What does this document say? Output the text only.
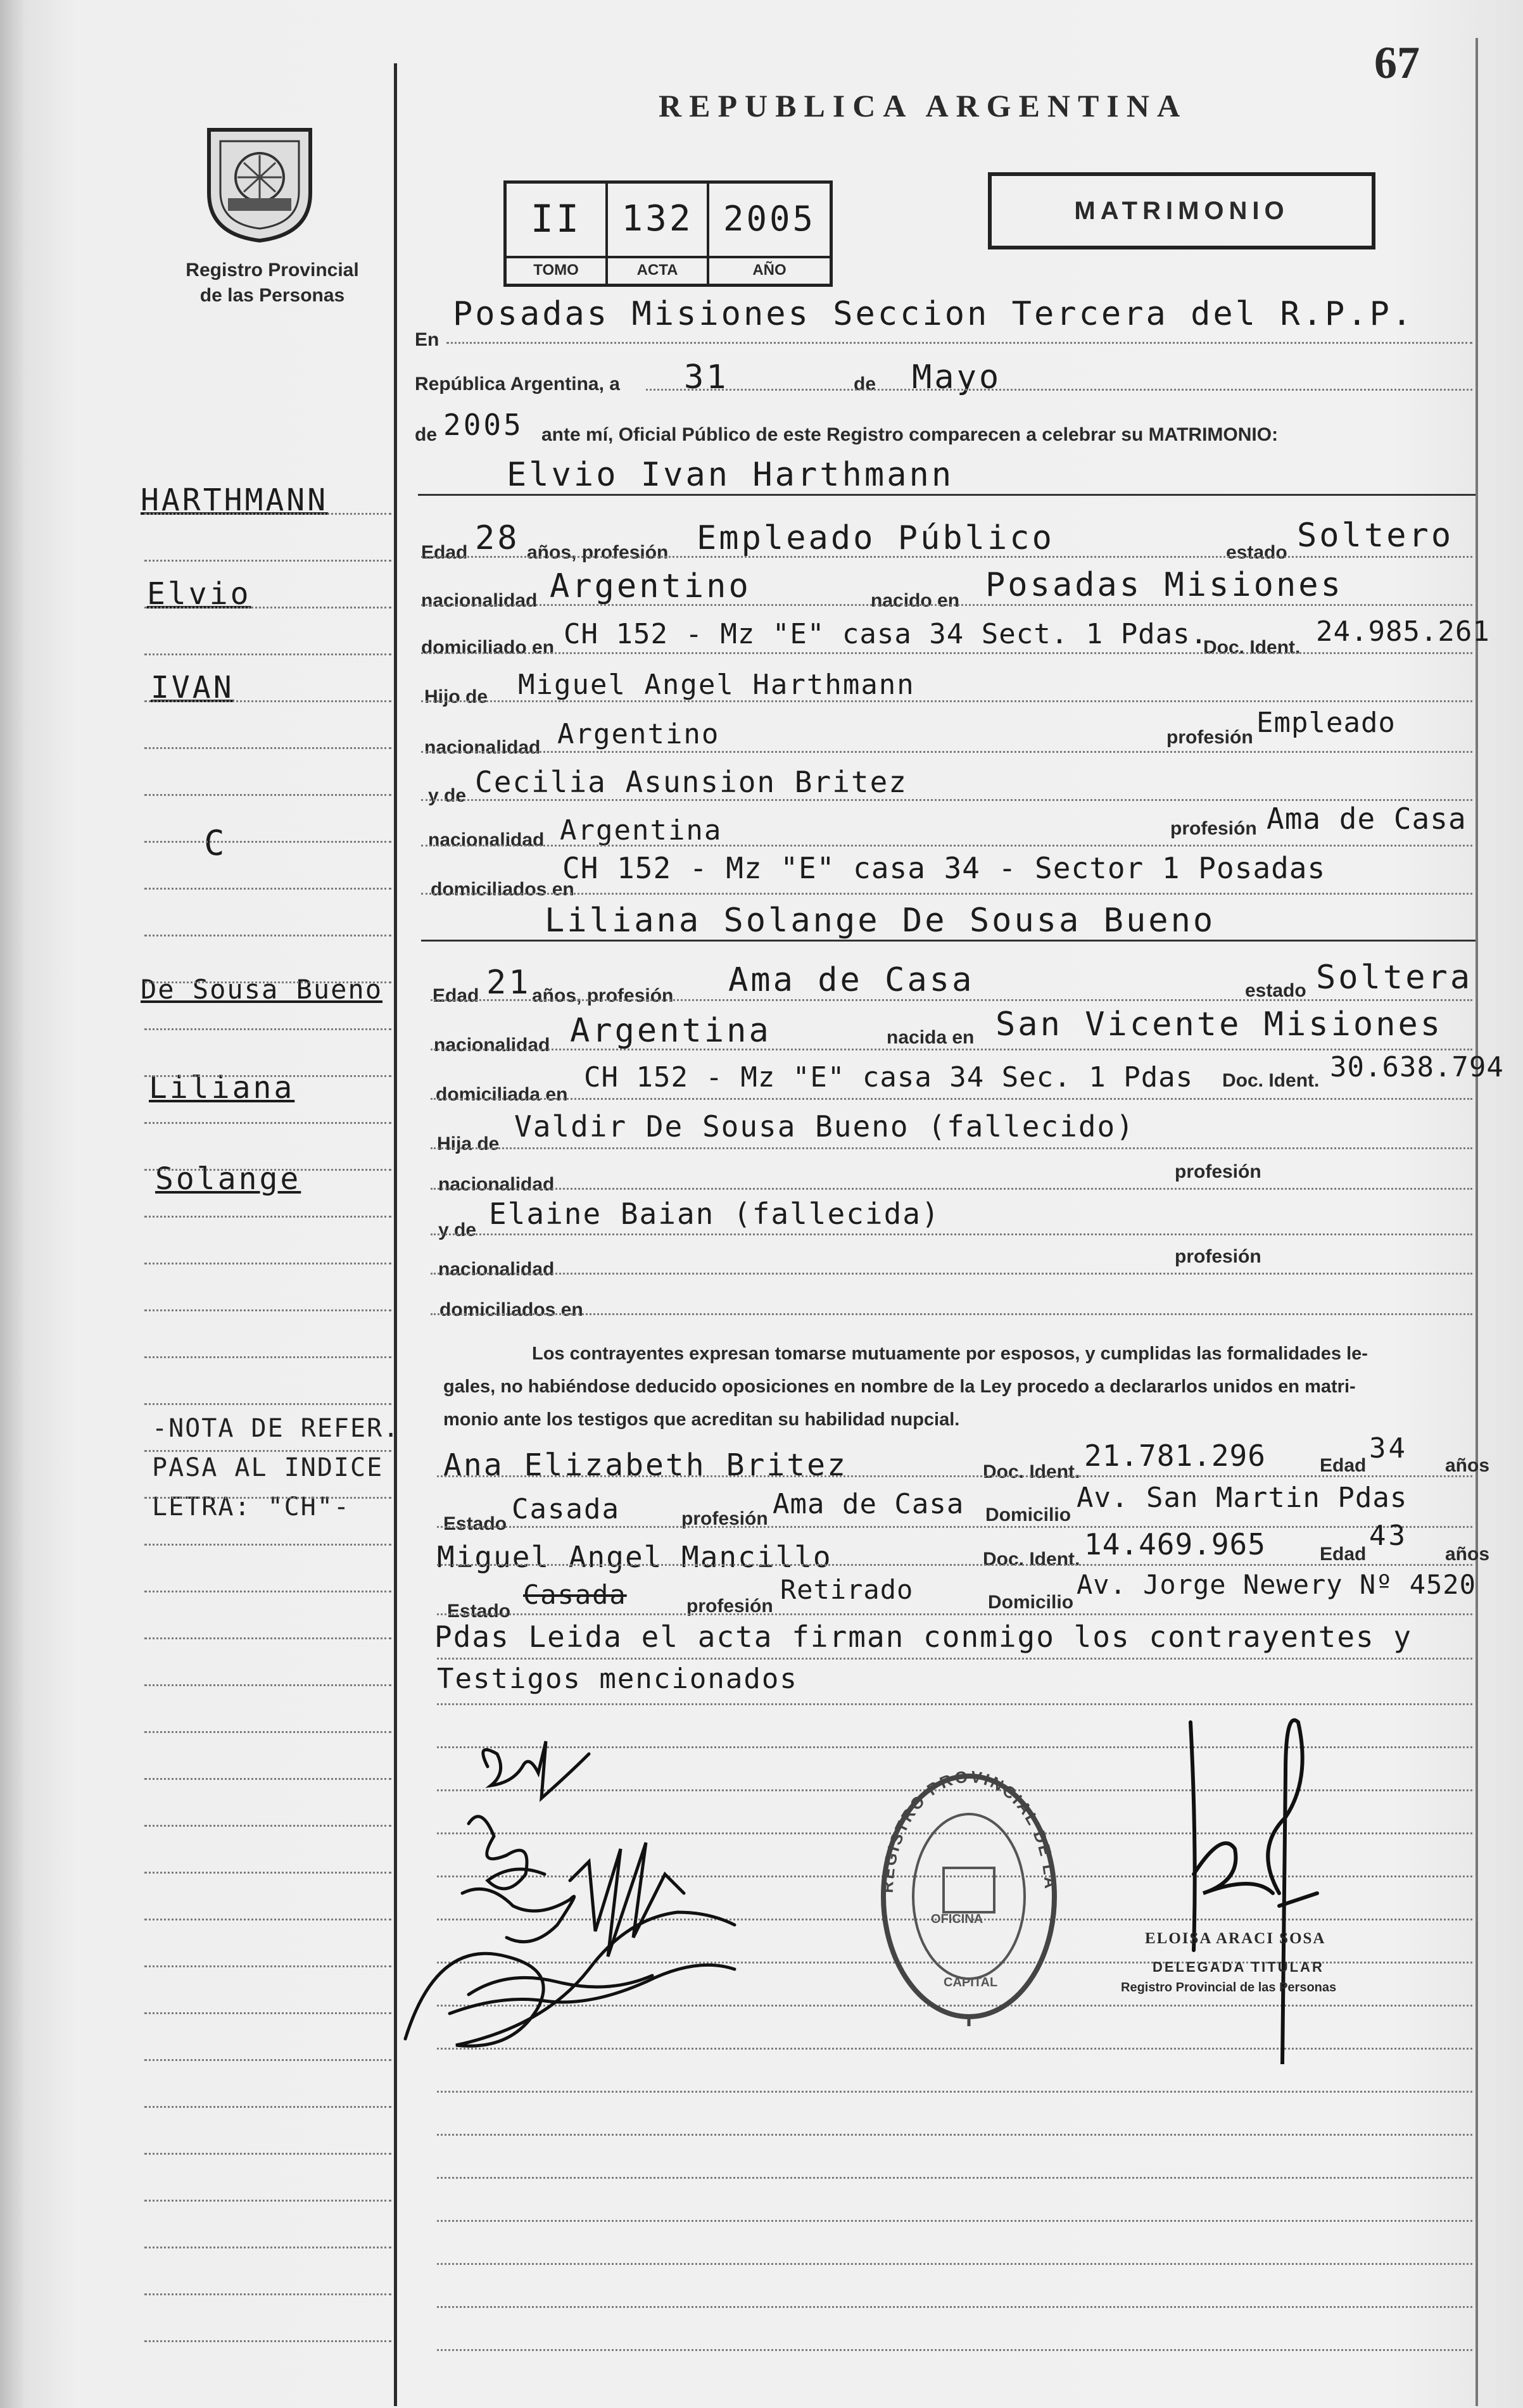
67
REPUBLICA ARGENTINA
Registro Provincial
de las Personas
II	132 2005
TOMO	ACTA	AÑO
MATRIMONIO
HARTHMANN
Elvio
IVAN
C
De Sousa Bueno
Liliana
Solange
-NOTA DE REFER.
PASA AL INDICE
LETRA: "CH"-
En
Posadas Misiones Seccion Tercera del R.P.P.
República Argentina, a 31	de Mayo
de 2005 ante mí, Oficial Público de este Registro comparecen a celebrar su MATRIMONIO:
Elvio Ivan Harthmann
Edad 28 años, profesión Empleado Público	estado Soltero
nacionalidad Argentino	nacido en Posadas Misiones
domiciliado en CH 152 - Mz "E" casa 34 Sect. 1 Pdas.
Doc. Ident. 24.985.261
Hijo de Miguel Angel Harthmann
nacionalidad Argentino	profesión Empleado
y de Cecilia Asunsion Britez
nacionalidad Argentina	profesión Ama de Casa
domiciliados en
CH 152 - Mz "E" casa 34 - Sector 1 Posadas
Liliana Solange De Sousa Bueno
Edad 21 años, profesión Ama de Casa	estado Soltera
nacionalidad Argentina	nacida en San Vicente Misiones
domiciliada en
CH 152 - Mz "E" casa 34 Sec. 1 Pdas Doc. Ident. 30.638.794
Hija de
Valdir De Sousa Bueno (fallecido)
nacionalidad
profesión
y de Elaine Baian (fallecida)
nacionalidad
profesión
domiciliados en
Los contrayentes expresan tomarse mutuamente por esposos, y cumplidas las formalidades le-
gales, no habiéndose deducido oposiciones en nombre de la Ley procedo a declararlos unidos en matri-
monio ante los testigos que acreditan su habilidad nupcial.
Ana Elizabeth Britez	Doc. Ident. 21.781.296	Edad
34
años
Estado Casada	profesión Ama de Casa Domicilio
Av. San Martin Pdas
Miguel Angel Mancillo	Doc. Ident. 14.469.965	Edad
43
años
Estado
Casada	profesión
Retirado	Domicilio
Av. Jorge Newery Nº 4520
Pdas Leida el acta firman conmigo los contrayentes y
Testigos mencionados
REGISTRO PROVINCIAL DE LA
OFICINA
CAPITAL
ELOISA ARACI SOSA
DELEGADA TITULAR
Registro Provincial de las Personas
